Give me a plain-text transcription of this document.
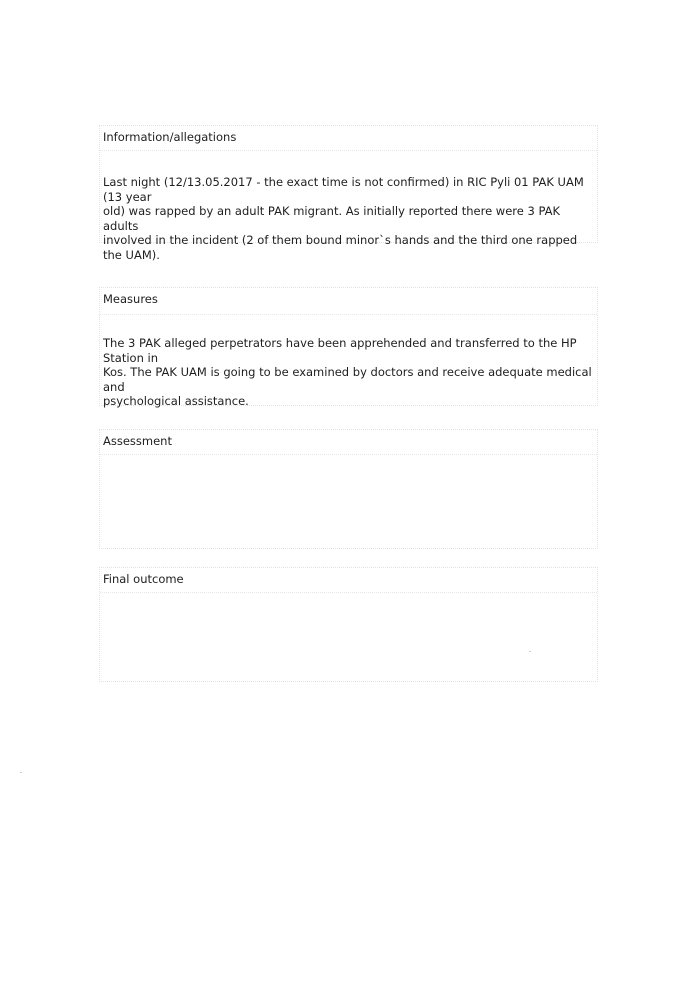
Information/allegations
Last night (12/13.05.2017 - the exact time is not confirmed) in RIC Pyli 01 PAK UAM (13 year
old) was rapped by an adult PAK migrant. As initially reported there were 3 PAK adults
involved in the incident (2 of them bound minor`s hands and the third one rapped the UAM).
Measures
The 3 PAK alleged perpetrators have been apprehended and transferred to the HP Station in
Kos. The PAK UAM is going to be examined by doctors and receive adequate medical and
psychological assistance.
Assessment
Final outcome
